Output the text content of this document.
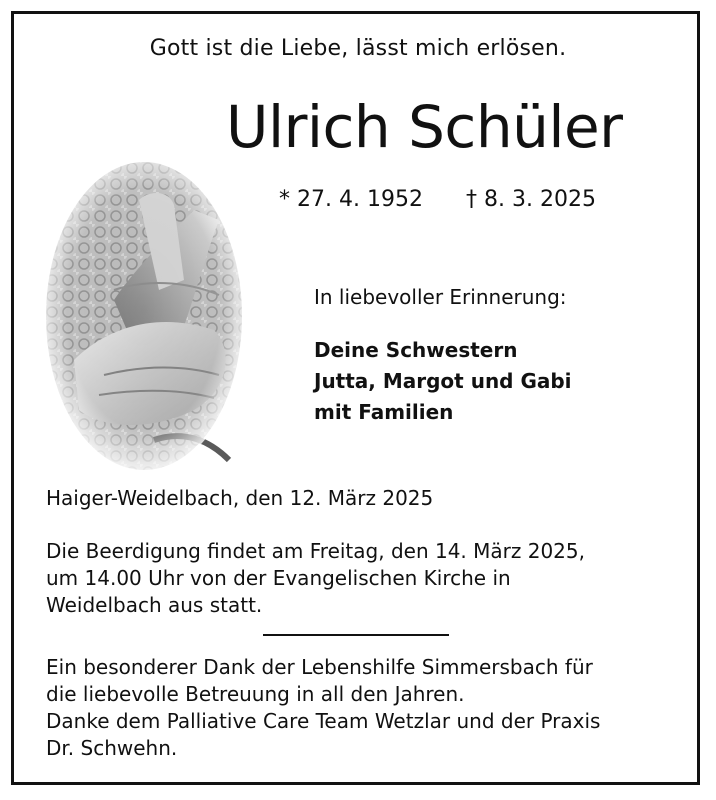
Gott ist die Liebe, lässt mich erlösen.
Ulrich Schüler
* 27. 4. 1952 † 8. 3. 2025
In liebevoller Erinnerung:
Deine Schwestern
Jutta, Margot und Gabi
mit Familien
Haiger-Weidelbach, den 12. März 2025
Die Beerdigung findet am Freitag, den 14. März 2025,
um 14.00 Uhr von der Evangelischen Kirche in
Weidelbach aus statt.
Ein besonderer Dank der Lebenshilfe Simmersbach für
die liebevolle Betreuung in all den Jahren.
Danke dem Palliative Care Team Wetzlar und der Praxis
Dr. Schwehn.
